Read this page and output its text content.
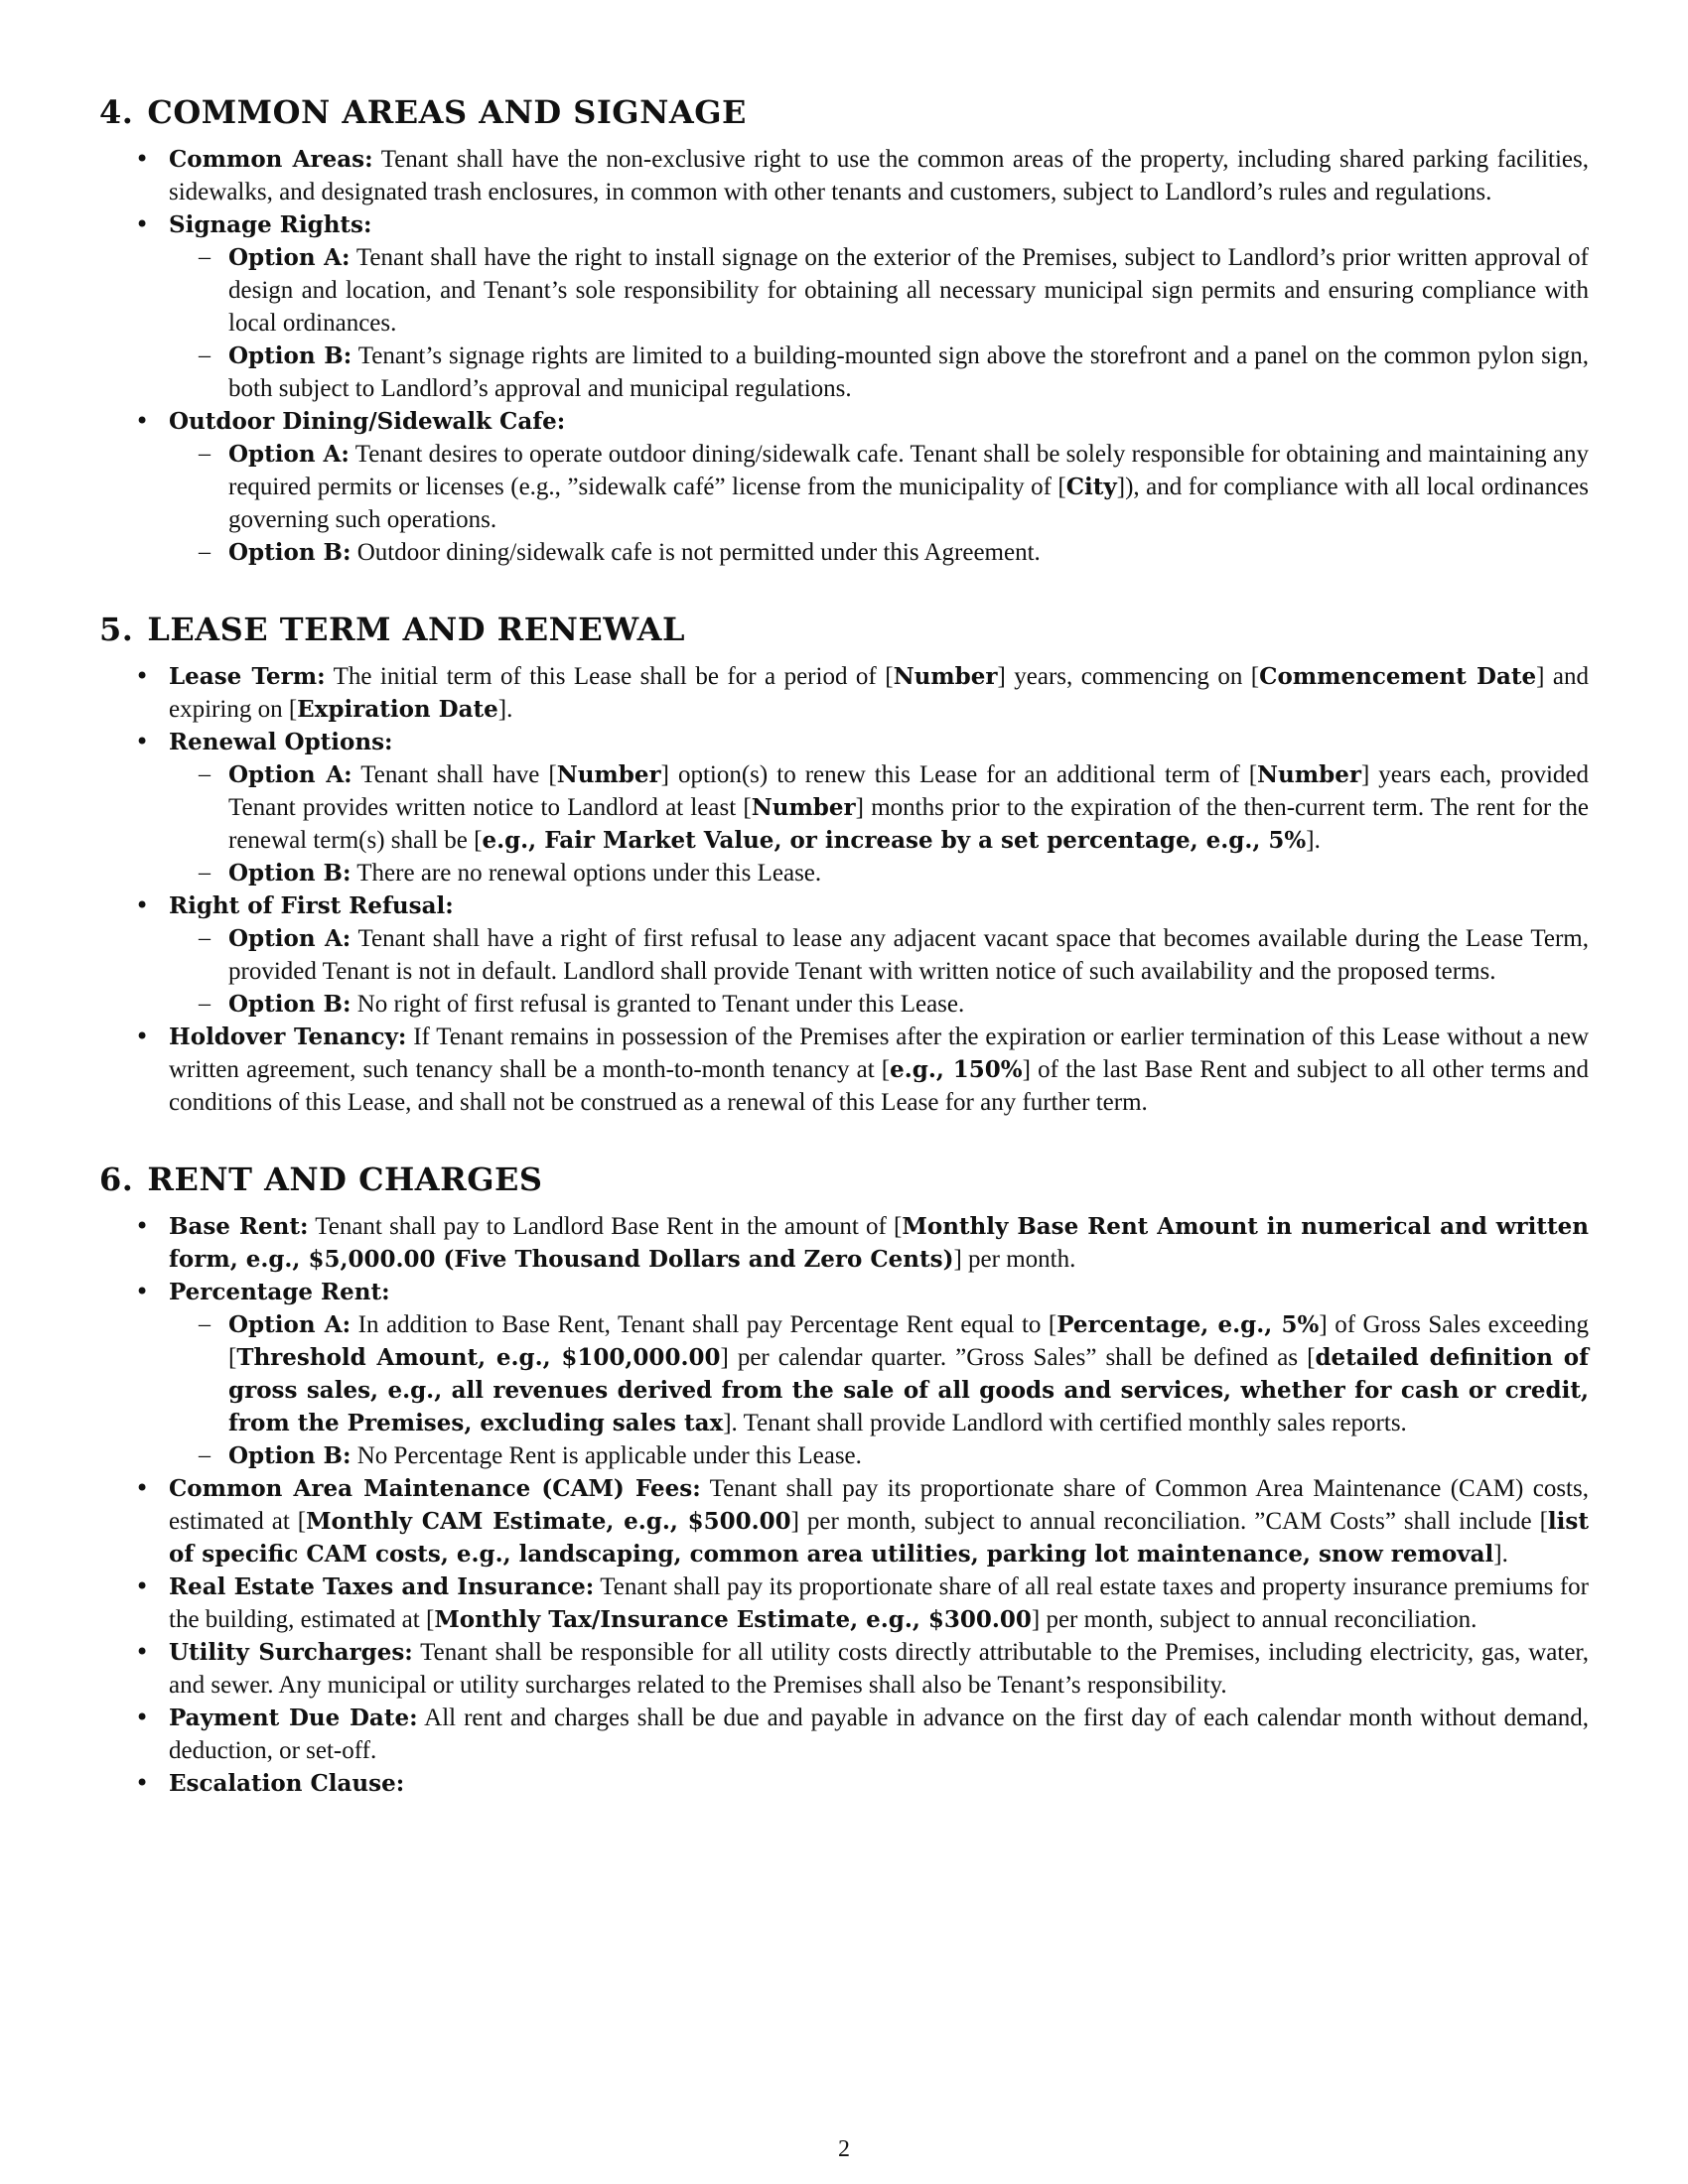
4. COMMON AREAS AND SIGNAGE
• Common Areas: Tenant shall have the non-exclusive right to use the common areas of the property, including shared parking facilities, sidewalks, and designated trash enclosures, in common with other tenants and customers, subject to Landlord’s rules and regulations.
• Signage Rights:
– Option A: Tenant shall have the right to install signage on the exterior of the Premises, subject to Landlord’s prior written approval of design and location, and Tenant’s sole responsibility for obtaining all necessary municipal sign permits and ensuring compliance with local ordinances.
– Option B: Tenant’s signage rights are limited to a building-mounted sign above the storefront and a panel on the common pylon sign, both subject to Landlord’s approval and municipal regulations.
• Outdoor Dining/Sidewalk Cafe:
– Option A: Tenant desires to operate outdoor dining/sidewalk cafe. Tenant shall be solely responsible for obtaining and maintaining any required permits or licenses (e.g., ”sidewalk café” license from the municipality of [City]), and for compliance with all local ordinances governing such operations.
– Option B: Outdoor dining/sidewalk cafe is not permitted under this Agreement.
5. LEASE TERM AND RENEWAL
• Lease Term: The initial term of this Lease shall be for a period of [Number] years, commencing on [Commencement Date] and expiring on [Expiration Date].
• Renewal Options:
– Option A: Tenant shall have [Number] option(s) to renew this Lease for an additional term of [Number] years each, provided Tenant provides written notice to Landlord at least [Number] months prior to the expiration of the then-current term. The rent for the renewal term(s) shall be [e.g., Fair Market Value, or increase by a set percentage, e.g., 5%].
– Option B: There are no renewal options under this Lease.
• Right of First Refusal:
– Option A: Tenant shall have a right of first refusal to lease any adjacent vacant space that becomes available during the Lease Term, provided Tenant is not in default. Landlord shall provide Tenant with written notice of such availability and the proposed terms.
– Option B: No right of first refusal is granted to Tenant under this Lease.
• Holdover Tenancy: If Tenant remains in possession of the Premises after the expiration or earlier termination of this Lease without a new written agreement, such tenancy shall be a month-to-month tenancy at [e.g., 150%] of the last Base Rent and subject to all other terms and conditions of this Lease, and shall not be construed as a renewal of this Lease for any further term.
6. RENT AND CHARGES
• Base Rent: Tenant shall pay to Landlord Base Rent in the amount of [Monthly Base Rent Amount in numerical and written form, e.g., $5,000.00 (Five Thousand Dollars and Zero Cents)] per month.
• Percentage Rent:
– Option A: In addition to Base Rent, Tenant shall pay Percentage Rent equal to [Percentage, e.g., 5%] of Gross Sales exceeding [Threshold Amount, e.g., $100,000.00] per calendar quarter. ”Gross Sales” shall be defined as [detailed definition of gross sales, e.g., all revenues derived from the sale of all goods and services, whether for cash or credit, from the Premises, excluding sales tax]. Tenant shall provide Landlord with certified monthly sales reports.
– Option B: No Percentage Rent is applicable under this Lease.
• Common Area Maintenance (CAM) Fees: Tenant shall pay its proportionate share of Common Area Maintenance (CAM) costs, estimated at [Monthly CAM Estimate, e.g., $500.00] per month, subject to annual reconciliation. ”CAM Costs” shall include [list of specific CAM costs, e.g., landscaping, common area utilities, parking lot maintenance, snow removal].
• Real Estate Taxes and Insurance: Tenant shall pay its proportionate share of all real estate taxes and property insurance premiums for the building, estimated at [Monthly Tax/Insurance Estimate, e.g., $300.00] per month, subject to annual reconciliation.
• Utility Surcharges: Tenant shall be responsible for all utility costs directly attributable to the Premises, including electricity, gas, water, and sewer. Any municipal or utility surcharges related to the Premises shall also be Tenant’s responsibility.
• Payment Due Date: All rent and charges shall be due and payable in advance on the first day of each calendar month without demand, deduction, or set-off.
• Escalation Clause:
2
